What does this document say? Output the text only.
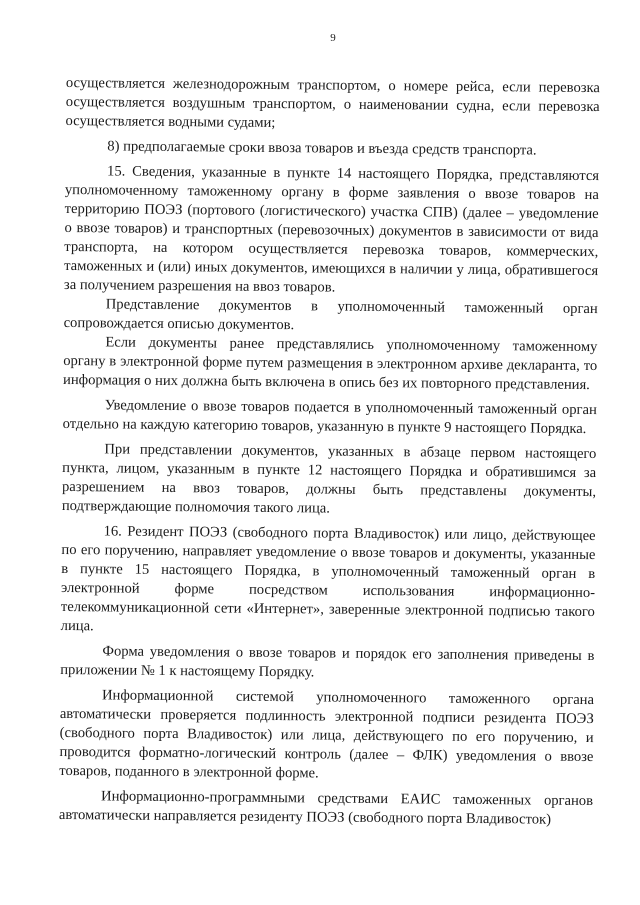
9

осуществляется железнодорожным транспортом, о номере рейса, если перевозка осуществляется воздушным транспортом, о наименовании судна, если перевозка осуществляется водными судами;

8) предполагаемые сроки ввоза товаров и въезда средств транспорта.

15. Сведения, указанные в пункте 14 настоящего Порядка, представляются уполномоченному таможенному органу в форме заявления о ввозе товаров на территорию ПОЭЗ (портового (логистического) участка СПВ) (далее – уведомление о ввозе товаров) и транспортных (перевозочных) документов в зависимости от вида транспорта, на котором осуществляется перевозка товаров, коммерческих, таможенных и (или) иных документов, имеющихся в наличии у лица, обратившегося за получением разрешения на ввоз товаров.

Представление документов в уполномоченный таможенный орган сопровождается описью документов.

Если документы ранее представлялись уполномоченному таможенному органу в электронной форме путем размещения в электронном архиве декларанта, то информация о них должна быть включена в опись без их повторного представления.

Уведомление о ввозе товаров подается в уполномоченный таможенный орган отдельно на каждую категорию товаров, указанную в пункте 9 настоящего Порядка.

При представлении документов, указанных в абзаце первом настоящего пункта, лицом, указанным в пункте 12 настоящего Порядка и обратившимся за разрешением на ввоз товаров, должны быть представлены документы, подтверждающие полномочия такого лица.

16. Резидент ПОЭЗ (свободного порта Владивосток) или лицо, действующее по его поручению, направляет уведомление о ввозе товаров и документы, указанные в пункте 15 настоящего Порядка, в уполномоченный таможенный орган в электронной форме посредством использования информационно-телекоммуникационной сети «Интернет», заверенные электронной подписью такого лица.

Форма уведомления о ввозе товаров и порядок его заполнения приведены в приложении № 1 к настоящему Порядку.

Информационной системой уполномоченного таможенного органа автоматически проверяется подлинность электронной подписи резидента ПОЭЗ (свободного порта Владивосток) или лица, действующего по его поручению, и проводится форматно-логический контроль (далее – ФЛК) уведомления о ввозе товаров, поданного в электронной форме.

Информационно-программными средствами ЕАИС таможенных органов автоматически направляется резиденту ПОЭЗ (свободного порта Владивосток)
